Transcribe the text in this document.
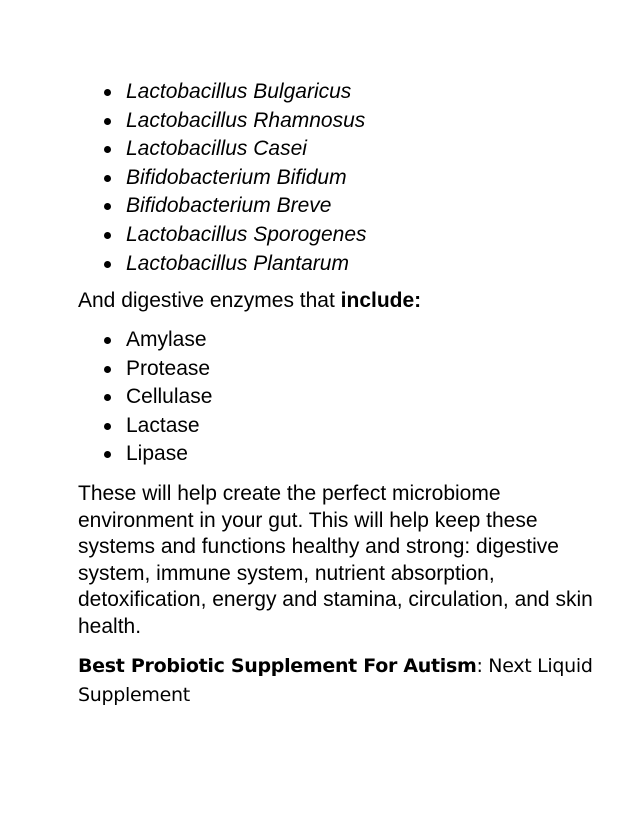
Lactobacillus Bulgaricus
Lactobacillus Rhamnosus
Lactobacillus Casei
Bifidobacterium Bifidum
Bifidobacterium Breve
Lactobacillus Sporogenes
Lactobacillus Plantarum

And digestive enzymes that include:

Amylase
Protease
Cellulase
Lactase
Lipase

These will help create the perfect microbiome environment in your gut. This will help keep these systems and functions healthy and strong: digestive system, immune system, nutrient absorption, detoxification, energy and stamina, circulation, and skin health.

Best Probiotic Supplement For Autism: Next Liquid Supplement
